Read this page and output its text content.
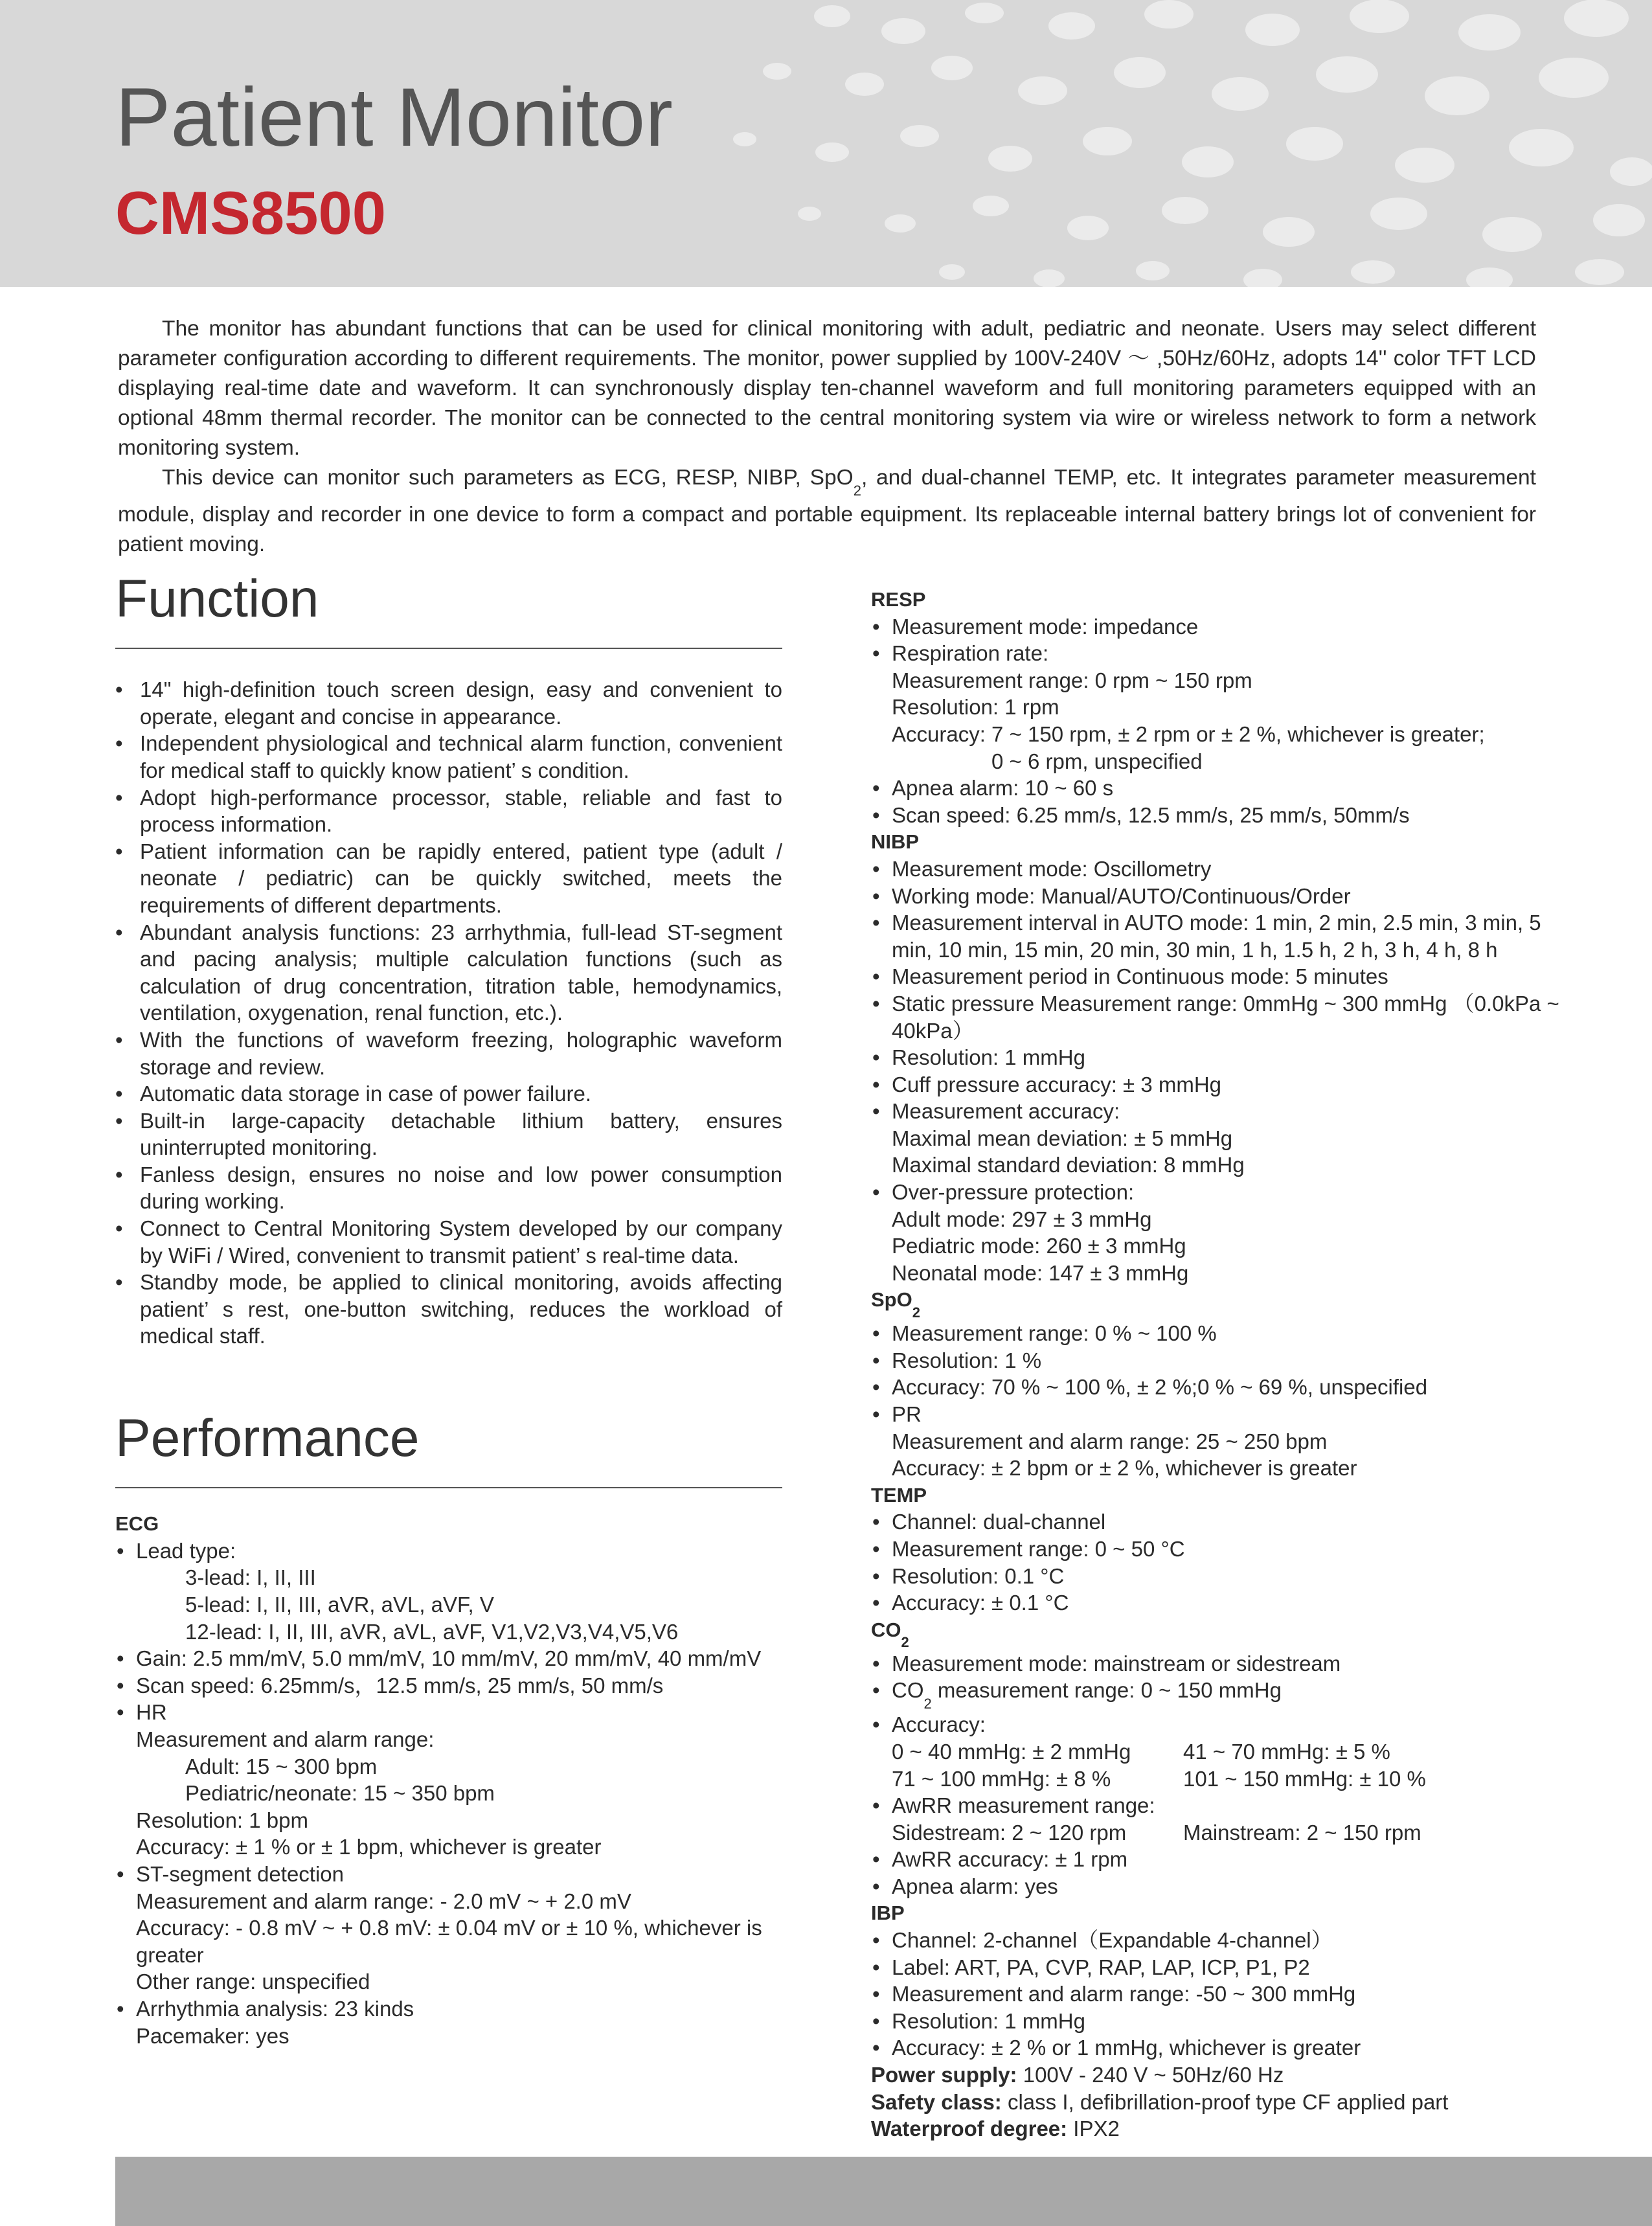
Patient Monitor
CMS8500

The monitor has abundant functions that can be used for clinical monitoring with adult, pediatric and neonate. Users may select different parameter configuration according to different requirements. The monitor, power supplied by 100V-240V ～ ,50Hz/60Hz, adopts 14'' color TFT LCD displaying real-time date and waveform. It can synchronously display ten-channel waveform and full monitoring parameters equipped with an optional 48mm thermal recorder. The monitor can be connected to the central monitoring system via wire or wireless network to form a network monitoring system.

This device can monitor such parameters as ECG, RESP, NIBP, SpO$_2$, and dual-channel TEMP, etc. It integrates parameter measurement module, display and recorder in one device to form a compact and portable equipment. Its replaceable internal battery brings lot of convenient for patient moving.

Function
• 14" high-definition touch screen design, easy and convenient to operate, elegant and concise in appearance.
• Independent physiological and technical alarm function, convenient for medical staff to quickly know patient’ s condition.
• Adopt high-performance processor, stable, reliable and fast to process information.
• Patient information can be rapidly entered, patient type (adult / neonate / pediatric) can be quickly switched, meets the requirements of different departments.
• Abundant analysis functions: 23 arrhythmia, full-lead ST-segment and pacing analysis; multiple calculation functions (such as calculation of drug concentration, titration table, hemodynamics, ventilation, oxygenation, renal function, etc.).
• With the functions of waveform freezing, holographic waveform storage and review.
• Automatic data storage in case of power failure.
• Built-in large-capacity detachable lithium battery, ensures uninterrupted monitoring.
• Fanless design, ensures no noise and low power consumption during working.
• Connect to Central Monitoring System developed by our company by WiFi / Wired, convenient to transmit patient’ s real-time data.
• Standby mode, be applied to clinical monitoring, avoids affecting patient’ s rest, one-button switching, reduces the workload of medical staff.
Performance

ECG

• Lead type:
3-lead: I, II, III
5-lead: I, II, III, aVR, aVL, aVF, V
12-lead: I, II, III, aVR, aVL, aVF, V1,V2,V3,V4,V5,V6
• Gain: 2.5 mm/mV, 5.0 mm/mV, 10 mm/mV, 20 mm/mV, 40 mm/mV
• Scan speed: 6.25mm/s，12.5 mm/s, 25 mm/s, 50 mm/s
• HR
Measurement and alarm range:
Adult: 15 ~ 300 bpm
Pediatric/neonate: 15 ~ 350 bpm
Resolution: 1 bpm
Accuracy: ± 1 % or ± 1 bpm, whichever is greater
• ST-segment detection
Measurement and alarm range: - 2.0 mV ~ + 2.0 mV
Accuracy: - 0.8 mV ~ + 0.8 mV: ± 0.04 mV or ± 10 %, whichever is greater
Other range: unspecified
• Arrhythmia analysis: 23 kinds
Pacemaker: yes

RESP

• Measurement mode: impedance
• Respiration rate:
Measurement range: 0 rpm ~ 150 rpm
Resolution: 1 rpm
Accuracy: 7 ~ 150 rpm, ± 2 rpm or ± 2 %, whichever is greater;
0 ~ 6 rpm, unspecified
• Apnea alarm: 10 ~ 60 s
• Scan speed: 6.25 mm/s, 12.5 mm/s, 25 mm/s, 50mm/s

NIBP

• Measurement mode: Oscillometry
• Working mode: Manual/AUTO/Continuous/Order
• Measurement interval in AUTO mode: 1 min, 2 min, 2.5 min, 3 min, 5 min, 10 min, 15 min, 20 min, 30 min, 1 h, 1.5 h, 2 h, 3 h, 4 h, 8 h
• Measurement period in Continuous mode: 5 minutes
• Static pressure Measurement range: 0mmHg ~ 300 mmHg （0.0kPa ~ 40kPa）
• Resolution: 1 mmHg
• Cuff pressure accuracy: ± 3 mmHg
• Measurement accuracy:
Maximal mean deviation: ± 5 mmHg
Maximal standard deviation: 8 mmHg
• Over-pressure protection:
Adult mode: 297 ± 3 mmHg
Pediatric mode: 260 ± 3 mmHg
Neonatal mode: 147 ± 3 mmHg

SpO$_2$

• Measurement range: 0 % ~ 100 %
• Resolution: 1 %
• Accuracy: 70 % ~ 100 %, ± 2 %;0 % ~ 69 %, unspecified
• PR
Measurement and alarm range: 25 ~ 250 bpm
Accuracy: ± 2 bpm or ± 2 %, whichever is greater

TEMP

• Channel: dual-channel
• Measurement range: 0 ~ 50 °C
• Resolution: 0.1 °C
• Accuracy: ± 0.1 °C

$CO_2$

• Measurement mode: mainstream or sidestream
• $CO_2$ measurement range: 0 ~ 150 mmHg
• Accuracy:
0 ~ 40 mmHg: ± 2 mmHg	41 ~ 70 mmHg: ± 5 %
71 ~ 100 mmHg: ± 8 %	101 ~ 150 mmHg: ± 10 %
• AwRR measurement range:
Sidestream: 2 ~ 120 rpm	Mainstream: 2 ~ 150 rpm
• AwRR accuracy: ± 1 rpm
• Apnea alarm: yes

IBP

• Channel: 2-channel（Expandable 4-channel）
• Label: ART, PA, CVP, RAP, LAP, ICP, P1, P2
• Measurement and alarm range: -50 ~ 300 mmHg
• Resolution: 1 mmHg
• Accuracy: ± 2 % or 1 mmHg, whichever is greater

Power supply: 100V - 240 V ~ 50Hz/60 Hz

Safety class: class I, defibrillation-proof type CF applied part

Waterproof degree: IPX2
